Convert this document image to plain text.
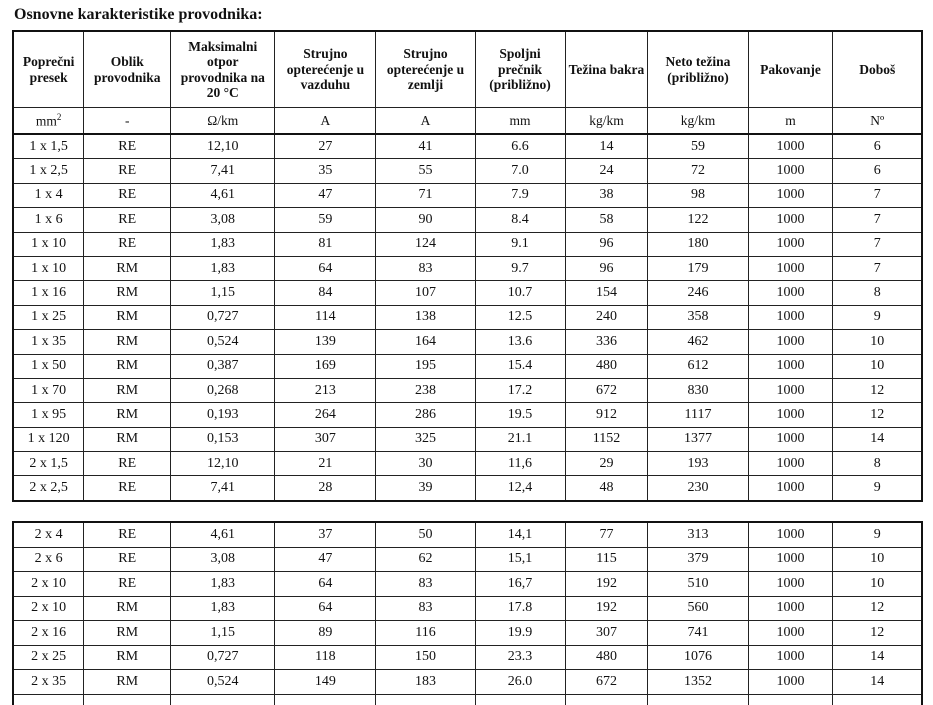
Osnovne karakteristike provodnika:
Poprečni presek	Oblik provodnika	Maksimalni otpor provodnika na 20 °C	Strujno opterećenje u vazduhu	Strujno opterećenje u zemlji	Spoljni prečnik (približno)	Težina bakra	Neto težina (približno)	Pakovanje	Doboš
$mm^2$	-	Ω/km	A	A	mm	kg/km	kg/km	m	Nº
1 x 1,5	RE	12,10	27	41	6.6	14	59	1000	6
1 x 2,5	RE	7,41	35	55	7.0	24	72	1000	6
1 x 4	RE	4,61	47	71	7.9	38	98	1000	7
1 x 6	RE	3,08	59	90	8.4	58	122	1000	7
1 x 10	RE	1,83	81	124	9.1	96	180	1000	7
1 x 10	RM	1,83	64	83	9.7	96	179	1000	7
1 x 16	RM	1,15	84	107	10.7	154	246	1000	8
1 x 25	RM	0,727	114	138	12.5	240	358	1000	9
1 x 35	RM	0,524	139	164	13.6	336	462	1000	10
1 x 50	RM	0,387	169	195	15.4	480	612	1000	10
1 x 70	RM	0,268	213	238	17.2	672	830	1000	12
1 x 95	RM	0,193	264	286	19.5	912	1117	1000	12
1 x 120	RM	0,153	307	325	21.1	1152	1377	1000	14
2 x 1,5	RE	12,10	21	30	11,6	29	193	1000	8
2 x 2,5	RE	7,41	28	39	12,4	48	230	1000	9
2 x 4	RE	4,61	37	50	14,1	77	313	1000	9
2 x 6	RE	3,08	47	62	15,1	115	379	1000	10
2 x 10	RE	1,83	64	83	16,7	192	510	1000	10
2 x 10	RM	1,83	64	83	17.8	192	560	1000	12
2 x 16	RM	1,15	89	116	19.9	307	741	1000	12
2 x 25	RM	0,727	118	150	23.3	480	1076	1000	14
2 x 35	RM	0,524	149	183	26.0	672	1352	1000	14
